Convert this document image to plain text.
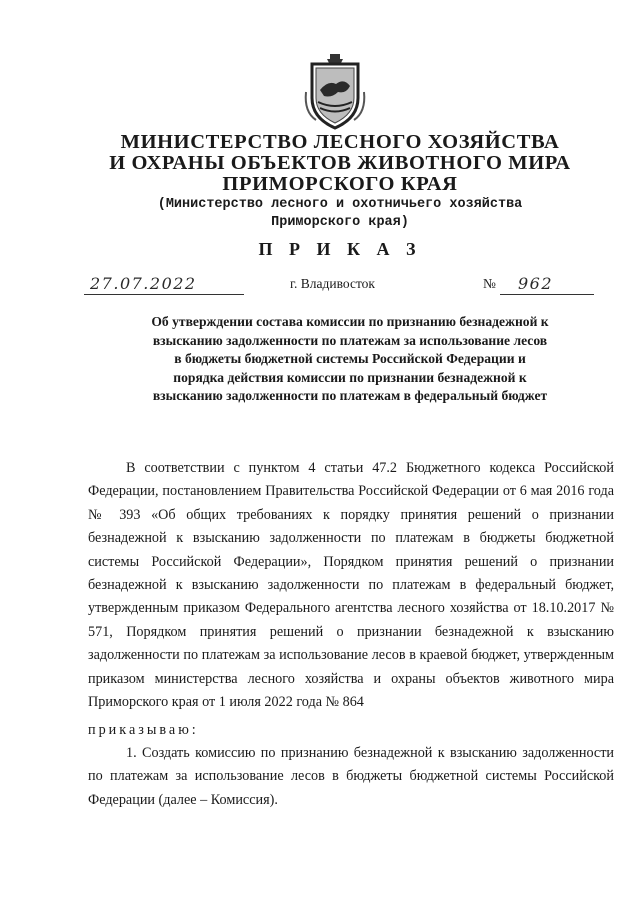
МИНИСТЕРСТВО ЛЕСНОГО ХОЗЯЙСТВА
И ОХРАНЫ ОБЪЕКТОВ ЖИВОТНОГО МИРА
ПРИМОРСКОГО КРАЯ
(Министерство лесного и охотничьего хозяйства
Приморского края)
П Р И К А З
27.07.2022	г. Владивосток	№ 962
Об утверждении состава комиссии по признанию безнадежной к взысканию задолженности по платежам за использование лесов в бюджеты бюджетной системы Российской Федерации и порядка действия комиссии по признании безнадежной к взысканию задолженности по платежам в федеральный бюджет

В соответствии с пунктом 4 статьи 47.2 Бюджетного кодекса Российской Федерации, постановлением Правительства Российской Федерации от 6 мая 2016 года № 393 «Об общих требованиях к порядку принятия решений о признании безнадежной к взысканию задолженности по платежам в бюджеты бюджетной системы Российской Федерации», Порядком принятия решений о признании безнадежной к взысканию задолженности по платежам в федеральный бюджет, утвержденным приказом Федерального агентства лесного хозяйства от 18.10.2017 № 571, Порядком принятия решений о признании безнадежной к взысканию задолженности по платежам за использование лесов в краевой бюджет, утвержденным приказом министерства лесного хозяйства и охраны объектов животного мира Приморского края от 1 июля 2022 года № 864

приказываю:

1. Создать комиссию по признанию безнадежной к взысканию задолженности по платежам за использование лесов в бюджеты бюджетной системы Российской Федерации (далее – Комиссия).
